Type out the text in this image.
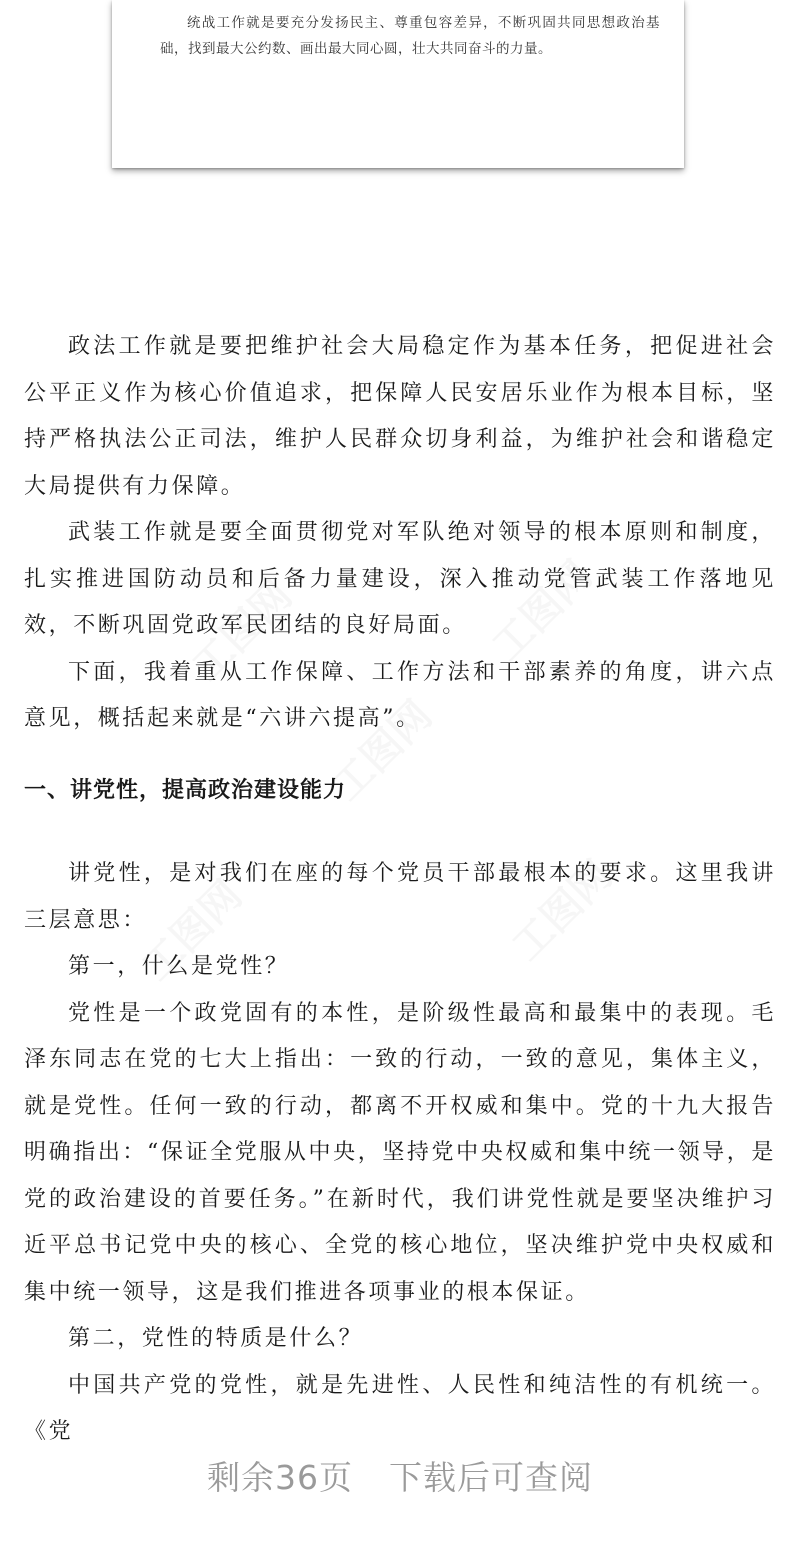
统战工作就是要充分发扬民主、尊重包容差异，不断巩固共同思想政治基础，找到最大公约数、画出最大同心圆，壮大共同奋斗的力量。

政法工作就是要把维护社会大局稳定作为基本任务，把促进社会公平正义作为核心价值追求，把保障人民安居乐业作为根本目标，坚持严格执法公正司法，维护人民群众切身利益，为维护社会和谐稳定大局提供有力保障。

武装工作就是要全面贯彻党对军队绝对领导的根本原则和制度，扎实推进国防动员和后备力量建设，深入推动党管武装工作落地见效，不断巩固党政军民团结的良好局面。

下面，我着重从工作保障、工作方法和干部素养的角度，讲六点意见，概括起来就是“六讲六提高”。

一、讲党性，提高政治建设能力

讲党性，是对我们在座的每个党员干部最根本的要求。这里我讲三层意思：

第一，什么是党性？

党性是一个政党固有的本性，是阶级性最高和最集中的表现。毛泽东同志在党的七大上指出：一致的行动，一致的意见，集体主义，就是党性。任何一致的行动，都离不开权威和集中。党的十九大报告明确指出：“保证全党服从中央，坚持党中央权威和集中统一领导，是党的政治建设的首要任务。”在新时代，我们讲党性就是要坚决维护习近平总书记党中央的核心、全党的核心地位，坚决维护党中央权威和集中统一领导，这是我们推进各项事业的根本保证。

第二，党性的特质是什么？

中国共产党的党性，就是先进性、人民性和纯洁性的有机统一。《党

剩余36页 下载后可查阅
